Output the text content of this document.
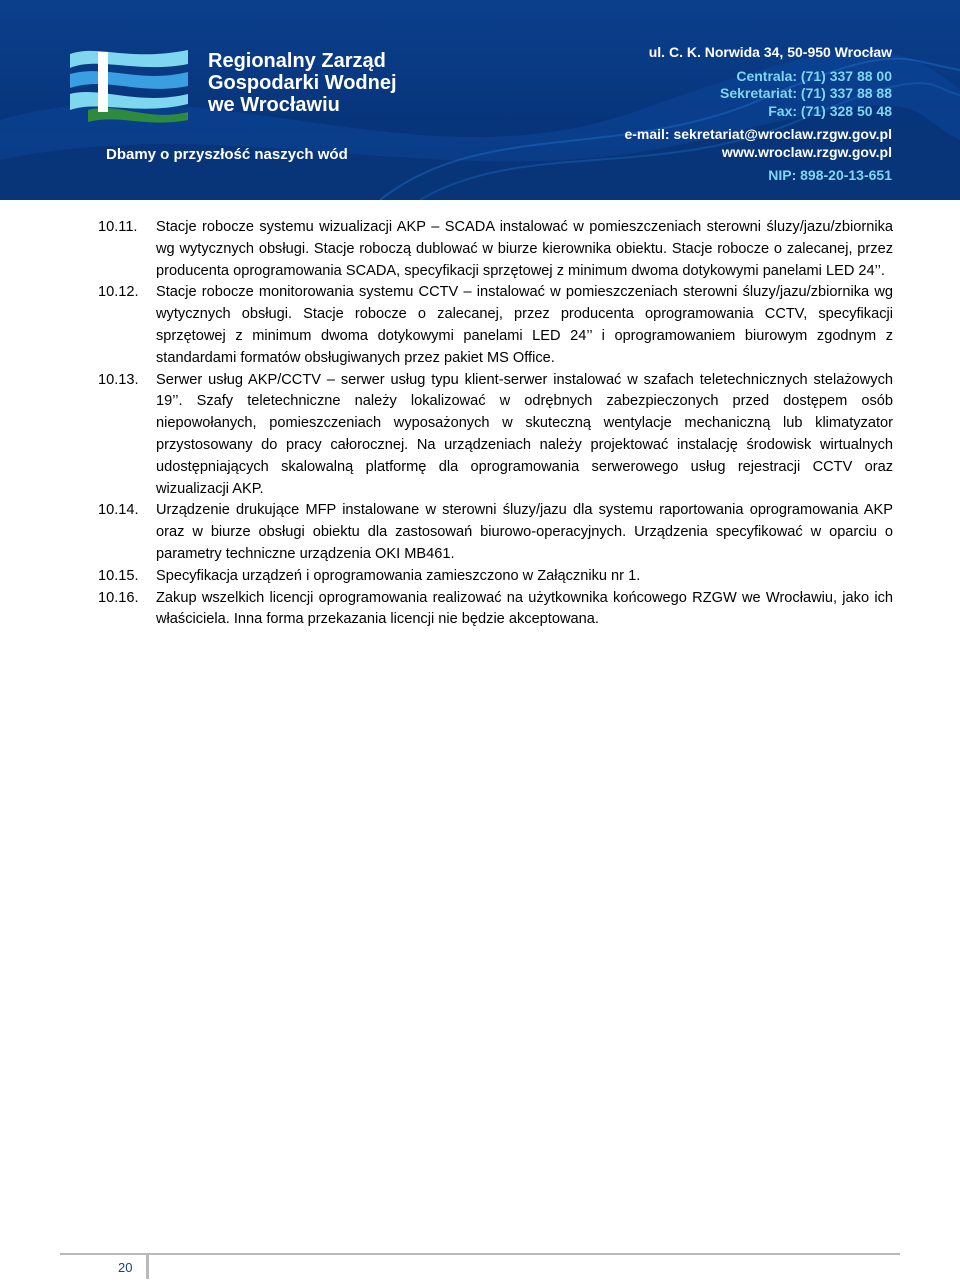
Regionalny Zarząd
Gospodarki Wodnej
we Wrocławiu
Dbamy o przyszłość naszych wód
ul. C. K. Norwida 34, 50-950 Wrocław
Centrala: (71) 337 88 00
Sekretariat: (71) 337 88 88
Fax: (71) 328 50 48
e-mail: sekretariat@wroclaw.rzgw.gov.pl
www.wroclaw.rzgw.gov.pl
NIP: 898-20-13-651
10.11.	Stacje robocze systemu wizualizacji AKP – SCADA instalować w pomieszczeniach sterowni śluzy/jazu/zbiornika wg wytycznych obsługi. Stacje roboczą dublować w biurze kierownika obiektu. Stacje robocze o zalecanej, przez producenta oprogramowania SCADA, specyfikacji sprzętowej z minimum dwoma dotykowymi panelami LED 24’’.
10.12.	Stacje robocze monitorowania systemu CCTV – instalować w pomieszczeniach sterowni śluzy/jazu/zbiornika wg wytycznych obsługi. Stacje robocze o zalecanej, przez producenta oprogramowania CCTV, specyfikacji sprzętowej z minimum dwoma dotykowymi panelami LED 24’’ i oprogramowaniem biurowym zgodnym z standardami formatów obsługiwanych przez pakiet MS Office.
10.13.	Serwer usług AKP/CCTV – serwer usług typu klient-serwer instalować w szafach teletechnicznych stelażowych 19’’. Szafy teletechniczne należy lokalizować w odrębnych zabezpieczonych przed dostępem osób niepowołanych, pomieszczeniach wyposażonych w skuteczną wentylacje mechaniczną lub klimatyzator przystosowany do pracy całorocznej. Na urządzeniach należy projektować instalację środowisk wirtualnych udostępniających skalowalną platformę dla oprogramowania serwerowego usług rejestracji CCTV oraz wizualizacji AKP.
10.14.	Urządzenie drukujące MFP instalowane w sterowni śluzy/jazu dla systemu raportowania oprogramowania AKP oraz w biurze obsługi obiektu dla zastosowań biurowo-operacyjnych. Urządzenia specyfikować w oparciu o parametry techniczne urządzenia OKI MB461.
10.15.	Specyfikacja urządzeń i oprogramowania zamieszczono w Załączniku nr 1.
10.16.	Zakup wszelkich licencji oprogramowania realizować na użytkownika końcowego RZGW we Wrocławiu, jako ich właściciela. Inna forma przekazania licencji nie będzie akceptowana.
20
